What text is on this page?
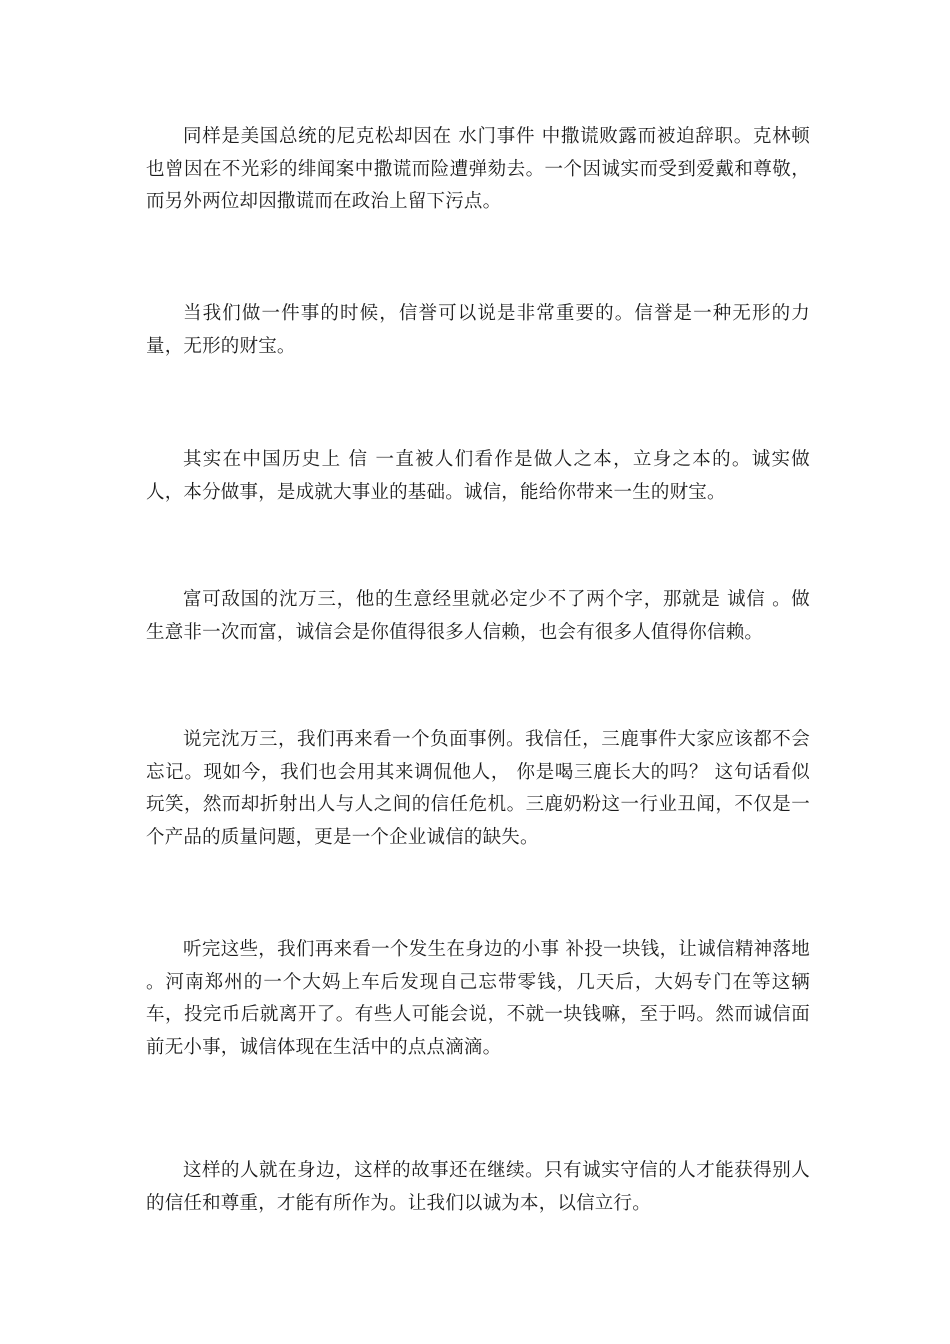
同样是美国总统的尼克松却因在 水门事件 中撒谎败露而被迫辞职。克林顿也曾因在不光彩的绯闻案中撒谎而险遭弹劾去。一个因诚实而受到爱戴和尊敬，而另外两位却因撒谎而在政治上留下污点。

当我们做一件事的时候，信誉可以说是非常重要的。信誉是一种无形的力量，无形的财宝。

其实在中国历史上 信 一直被人们看作是做人之本，立身之本的。诚实做人，本分做事，是成就大事业的基础。诚信，能给你带来一生的财宝。

富可敌国的沈万三，他的生意经里就必定少不了两个字，那就是 诚信 。做生意非一次而富，诚信会是你值得很多人信赖，也会有很多人值得你信赖。

说完沈万三，我们再来看一个负面事例。我信任，三鹿事件大家应该都不会忘记。现如今，我们也会用其来调侃他人， 你是喝三鹿长大的吗？ 这句话看似玩笑，然而却折射出人与人之间的信任危机。三鹿奶粉这一行业丑闻，不仅是一个产品的质量问题，更是一个企业诚信的缺失。

听完这些，我们再来看一个发生在身边的小事 补投一块钱，让诚信精神落地 。河南郑州的一个大妈上车后发现自己忘带零钱，几天后，大妈专门在等这辆车，投完币后就离开了。有些人可能会说，不就一块钱嘛，至于吗。然而诚信面前无小事，诚信体现在生活中的点点滴滴。

这样的人就在身边，这样的故事还在继续。只有诚实守信的人才能获得别人的信任和尊重，才能有所作为。让我们以诚为本，以信立行。
